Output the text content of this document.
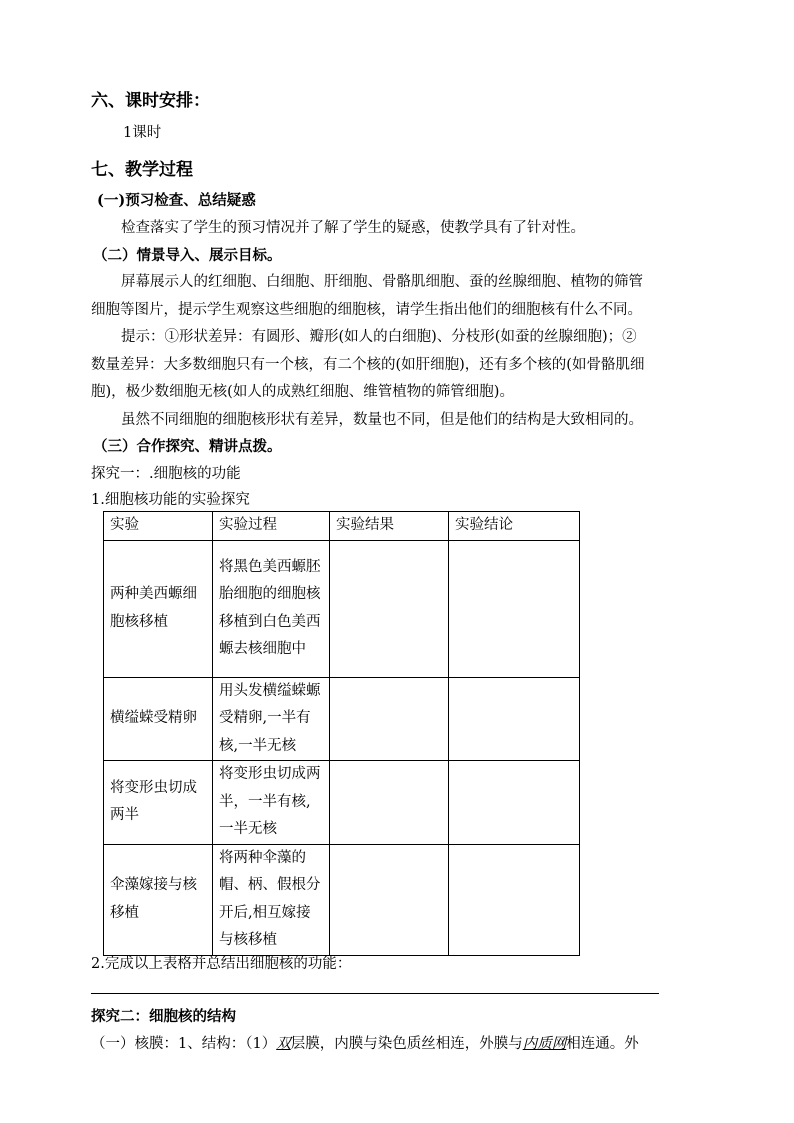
六、课时安排：
1课时
七、教学过程
(一)预习检查、总结疑惑
检查落实了学生的预习情况并了解了学生的疑惑，使教学具有了针对性。
（二）情景导入、展示目标。
屏幕展示人的红细胞、白细胞、肝细胞、骨骼肌细胞、蚕的丝腺细胞、植物的筛管
细胞等图片，提示学生观察这些细胞的细胞核，请学生指出他们的细胞核有什么不同。
提示：①形状差异：有圆形、瓣形(如人的白细胞)、分枝形(如蚕的丝腺细胞)；②
数量差异：大多数细胞只有一个核，有二个核的(如肝细胞)，还有多个核的(如骨骼肌细
胞)，极少数细胞无核(如人的成熟红细胞、维管植物的筛管细胞)。
虽然不同细胞的细胞核形状有差异，数量也不同，但是他们的结构是大致相同的。
（三）合作探究、精讲点拨。
探究一：.细胞核的功能
1.细胞核功能的实验探究
实验	实验过程	实验结果	实验结论
两种美西螈细胞核移植	将黑色美西螈胚胎细胞的细胞核移植到白色美西螈去核细胞中		
横缢蝾受精卵	用头发横缢蝾螈受精卵,一半有核,一半无核		
将变形虫切成两半	将变形虫切成两半，一半有核,一半无核		
伞藻嫁接与核移植	将两种伞藻的帽、柄、假根分开后,相互嫁接与核移植		
2.完成以上表格并总结出细胞核的功能：
探究二：细胞核的结构
（一）核膜：1、结构：（1）双层膜，内膜与染色质丝相连，外膜与内质网相连通。外
